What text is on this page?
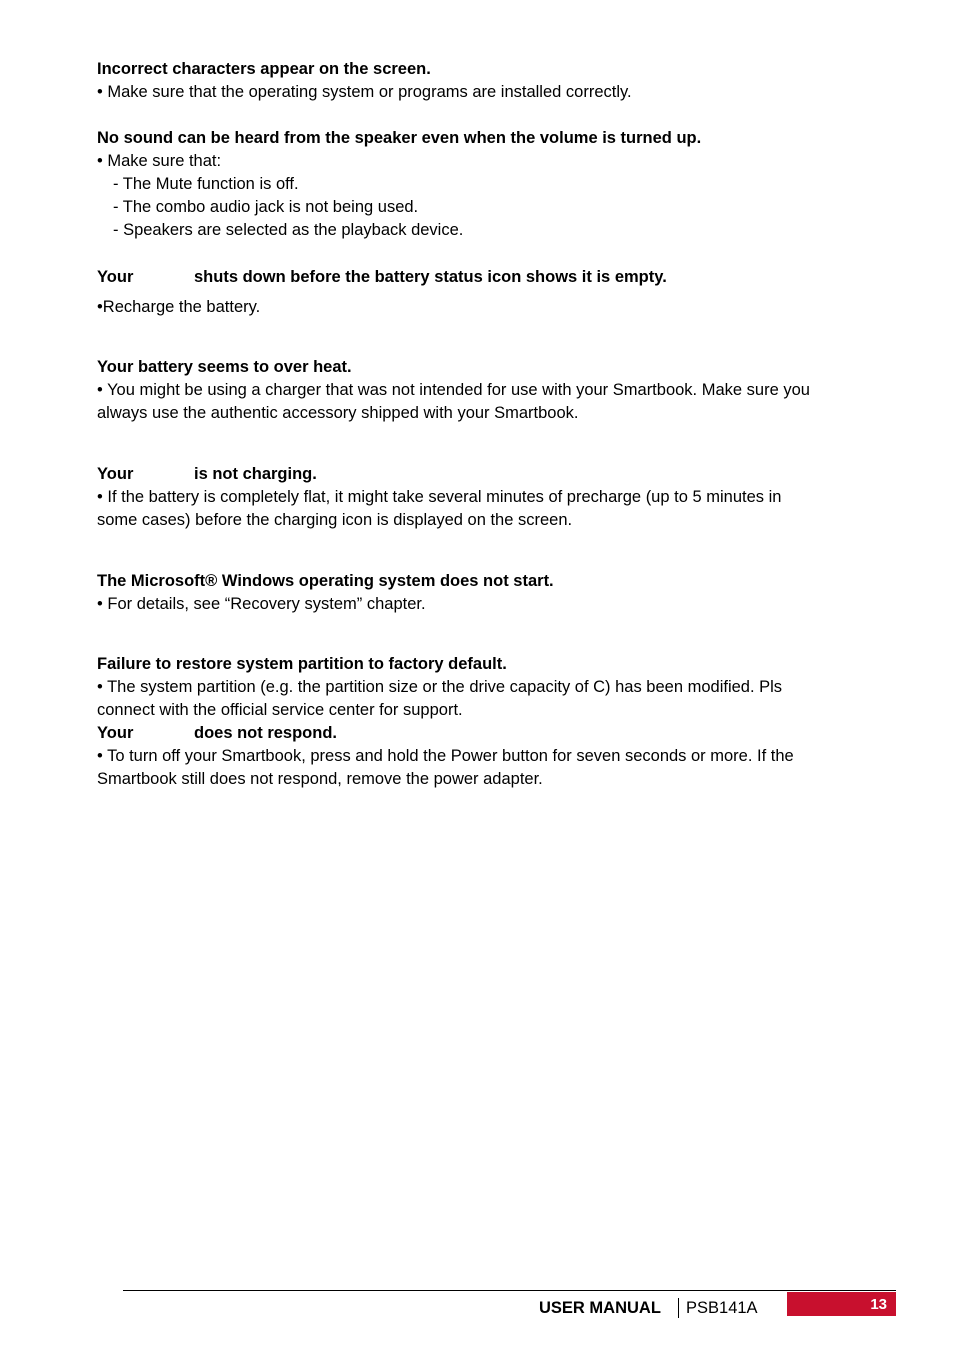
Incorrect characters appear on the screen.
• Make sure that the operating system or programs are installed correctly.
No sound can be heard from the speaker even when the volume is turned up.
• Make sure that:
- The Mute function is off.
- The combo audio jack is not being used.
- Speakers are selected as the playback device.
Your	shuts down before the battery status icon shows it is empty.
•Recharge the battery.
Your battery seems to over heat.
• You might be using a charger that was not intended for use with your Smartbook. Make sure you
always use the authentic accessory shipped with your Smartbook.
Your	is not charging.
• If the battery is completely flat, it might take several minutes of precharge (up to 5 minutes in
some cases) before the charging icon is displayed on the screen.
The Microsoft® Windows operating system does not start.
• For details, see “Recovery system” chapter.
Failure to restore system partition to factory default.
• The system partition (e.g. the partition size or the drive capacity of C) has been modified. Pls
connect with the official service center for support.
Your	does not respond.
• To turn off your Smartbook, press and hold the Power button for seven seconds or more. If the
Smartbook still does not respond, remove the power adapter.
USER MANUAL PSB141A	13
